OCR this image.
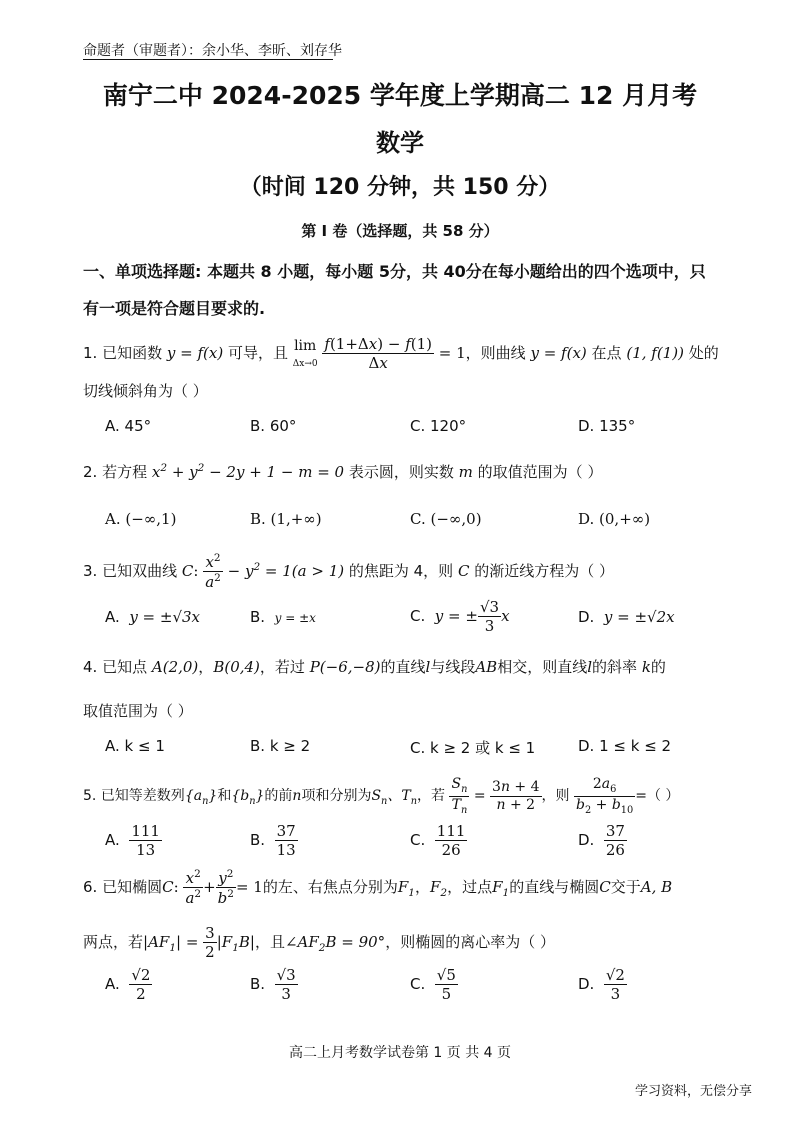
命题者（审题者）：余小华、李昕、刘存华
南宁二中 2024-2025 学年度上学期高二 12 月月考
数学
（时间 120 分钟，共 150 分）
第 Ⅰ 卷（选择题，共 58 分）
一、单项选择题: 本题共 8 小题，每小题 5分，共 40分在每小题给出的四个选项中，只
有一项是符合题目要求的.
1. 已知函数 y = f(x) 可导，且 lim
$\Delta x\to 0 \frac{f(1+\Delta x) - f(1)}{\Delta x} = 1$，则曲线 y = f(x) 在点 (1, f(1)) 处的
切线倾斜角为（ ）
A. 45°	B. 60°	C. 120°	D. 135°
2. 若方程 $x^2 + y^2 - 2y + 1 - m = 0$ 表示圆，则实数 m 的取值范围为（ ）
A. (−∞,1)	B. (1,+∞)	C. (−∞,0)	D. (0,+∞)
3. 已知双曲线 C: $\frac{x^2}{a^2} - y^2 = 1(a > 1)$ 的焦距为 4，则 C 的渐近线方程为（ ）
A. y = ±√3x	B. y = ±x	C. y = ± $\frac{√3}{3}$ x	D. y = ±√2x
4. 已知点 A(2,0)，B(0,4)，若过 P(−6,−8)的直线l与线段AB相交，则直线l的斜率 k的
取值范围为（ ）
A. k ≤ 1	B. k ≥ 2	C. k ≥ 2 或 k ≤ 1	D. 1 ≤ k ≤ 2
5. 已知等差数列$\{a_n\}$和$\{b_n\}$的前n项和分别为$S_n$、$T_n$，若 $\frac{S_n}{T_n} = \frac{3n + 4}{n + 2}$ ，则 $\frac{2a_6}{b_2 + b_{10}}$ =（ ）
A. $\frac{111}{13}$	B. $\frac{37}{13}$	C. $\frac{111}{26}$	D. $\frac{37}{26}$
6. 已知椭圆C: $\frac{x^2}{a^2} + \frac{y^2}{b^2} = 1$的左、右焦点分别为$F_1$，$F_2$，过点$F_1$的直线与椭圆C交于A, B
两点，若$|AF_1| = \frac{3}{2} |F_1B|$，且$\angle AF_2B = 90^\circ$，则椭圆的离心率为（ ）
A. $\frac{√2}{2}$	B. $\frac{√3}{3}$	C. $\frac{√5}{5}$	D. $\frac{√2}{3}$
高二上月考数学试卷第 1 页 共 4 页
学习资料，无偿分享
